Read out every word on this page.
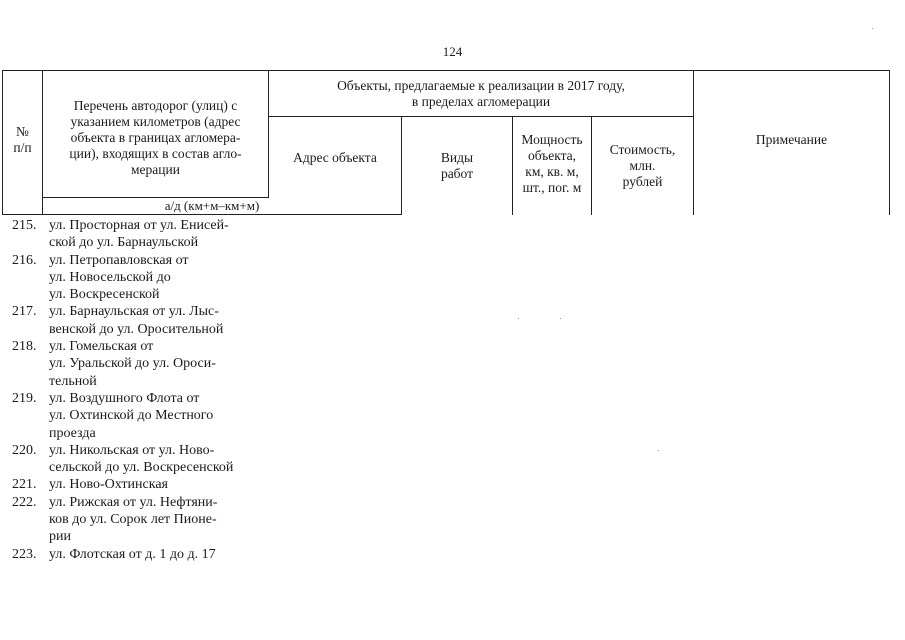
124
№
п/п
Перечень автодорог (улиц) с
указанием километров (адрес
объекта в границах агломера-
ции), входящих в состав агло-
мерации
а/д (км+м–км+м)
Объекты, предлагаемые к реализации в 2017 году,
в пределах агломерации
Адрес объекта	Виды
работ
Мощность
объекта,
км, кв. м,
шт., пог. м
Стоимость,
млн.
рублей
Примечание
215. ул. Просторная от ул. Енисей-
ской до ул. Барнаульской
216. ул. Петропавловская от
ул. Новосельской до
ул. Воскресенской
217. ул. Барнаульская от ул. Лыс-
венской до ул. Оросительной
218. ул. Гомельская от
ул. Уральской до ул. Ороси-
тельной
219. ул. Воздушного Флота от
ул. Охтинской до Местного
проезда
220. ул. Никольская от ул. Ново-
сельской до ул. Воскресенской
221. ул. Ново-Охтинская
222. ул. Рижская от ул. Нефтяни-
ков до ул. Сорок лет Пионе-
рии
223. ул. Флотская от д. 1 до д. 17
